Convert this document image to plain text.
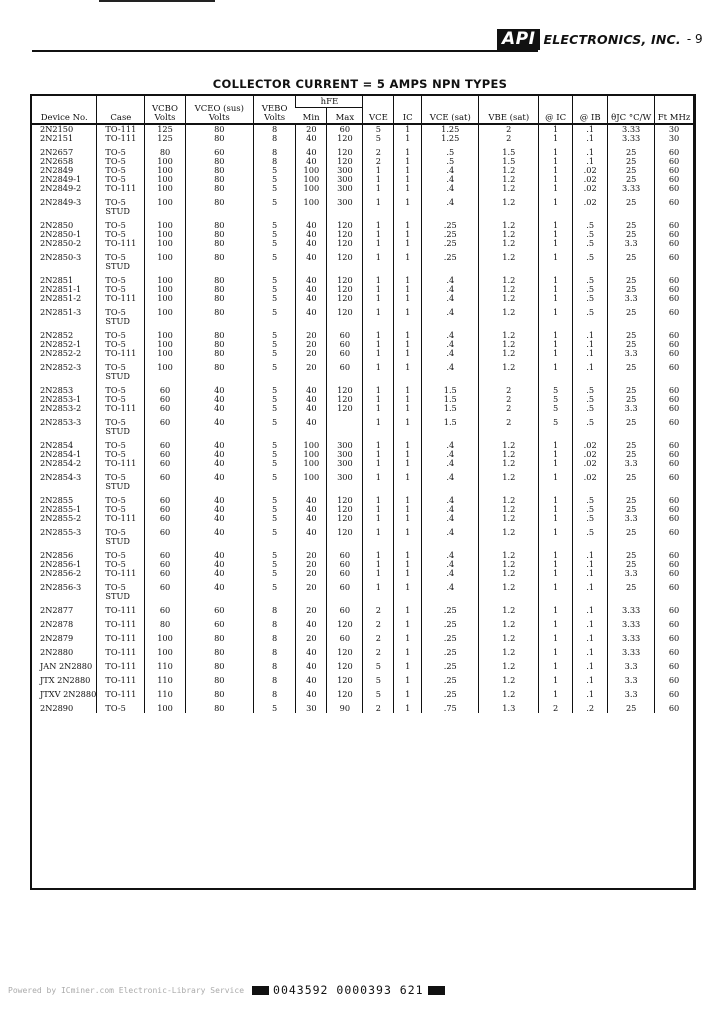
API ELECTRONICS, INC. - 9
COLLECTOR CURRENT = 5 AMPS NPN TYPES
Device No.	Case	VCBO Volts	VCEO (sus) Volts	VEBO Volts	hFE		VCE	IC	VCE (sat)	VBE (sat)	@ IC	@ IB	θJC °C/W	Ft MHz
					Min	Max								
2N2150	TO-111	125	80	8	20	60	5	1	1.25	2	1	.1	3.33	30
2N2151	TO-111	125	80	8	40	120	5	1	1.25	2	1	.1	3.33	30

2N2657	TO-5	80	60	8	40	120	2	1	.5	1.5	1	.1	25	60
2N2658	TO-5	100	80	8	40	120	2	1	.5	1.5	1	.1	25	60
2N2849	TO-5	100	80	5	100	300	1	1	.4	1.2	1	.02	25	60
2N2849-1	TO-5	100	80	5	100	300	1	1	.4	1.2	1	.02	25	60
2N2849-2	TO-111	100	80	5	100	300	1	1	.4	1.2	1	.02	3.33	60

2N2849-3	TO-5 STUD	100	80	5	100	300	1	1	.4	1.2	1	.02	25	60

2N2850	TO-5	100	80	5	40	120	1	1	.25	1.2	1	.5	25	60
2N2850-1	TO-5	100	80	5	40	120	1	1	.25	1.2	1	.5	25	60
2N2850-2	TO-111	100	80	5	40	120	1	1	.25	1.2	1	.5	3.3	60

2N2850-3	TO-5 STUD	100	80	5	40	120	1	1	.25	1.2	1	.5	25	60

2N2851	TO-5	100	80	5	40	120	1	1	.4	1.2	1	.5	25	60
2N2851-1	TO-5	100	80	5	40	120	1	1	.4	1.2	1	.5	25	60
2N2851-2	TO-111	100	80	5	40	120	1	1	.4	1.2	1	.5	3.3	60

2N2851-3	TO-5 STUD	100	80	5	40	120	1	1	.4	1.2	1	.5	25	60

2N2852	TO-5	100	80	5	20	60	1	1	.4	1.2	1	.1	25	60
2N2852-1	TO-5	100	80	5	20	60	1	1	.4	1.2	1	.1	25	60
2N2852-2	TO-111	100	80	5	20	60	1	1	.4	1.2	1	.1	3.3	60

2N2852-3	TO-5 STUD	100	80	5	20	60	1	1	.4	1.2	1	.1	25	60

2N2853	TO-5	60	40	5	40	120	1	1	1.5	2	5	.5	25	60
2N2853-1	TO-5	60	40	5	40	120	1	1	1.5	2	5	.5	25	60
2N2853-2	TO-111	60	40	5	40	120	1	1	1.5	2	5	.5	3.3	60

2N2853-3	TO-5 STUD	60	40	5	40		1	1	1.5	2	5	.5	25	60

2N2854	TO-5	60	40	5	100	300	1	1	.4	1.2	1	.02	25	60
2N2854-1	TO-5	60	40	5	100	300	1	1	.4	1.2	1	.02	25	60
2N2854-2	TO-111	60	40	5	100	300	1	1	.4	1.2	1	.02	3.3	60

2N2854-3	TO-5 STUD	60	40	5	100	300	1	1	.4	1.2	1	.02	25	60

2N2855	TO-5	60	40	5	40	120	1	1	.4	1.2	1	.5	25	60
2N2855-1	TO-5	60	40	5	40	120	1	1	.4	1.2	1	.5	25	60
2N2855-2	TO-111	60	40	5	40	120	1	1	.4	1.2	1	.5	3.3	60

2N2855-3	TO-5 STUD	60	40	5	40	120	1	1	.4	1.2	1	.5	25	60

2N2856	TO-5	60	40	5	20	60	1	1	.4	1.2	1	.1	25	60
2N2856-1	TO-5	60	40	5	20	60	1	1	.4	1.2	1	.1	25	60
2N2856-2	TO-111	60	40	5	20	60	1	1	.4	1.2	1	.1	3.3	60

2N2856-3	TO-5 STUD	60	40	5	20	60	1	1	.4	1.2	1	.1	25	60

2N2877	TO-111	60	60	8	20	60	2	1	.25	1.2	1	.1	3.33	60

2N2878	TO-111	80	60	8	40	120	2	1	.25	1.2	1	.1	3.33	60

2N2879	TO-111	100	80	8	20	60	2	1	.25	1.2	1	.1	3.33	60

2N2880	TO-111	100	80	8	40	120	2	1	.25	1.2	1	.1	3.33	60

JAN 2N2880	TO-111	110	80	8	40	120	5	1	.25	1.2	1	.1	3.3	60

JTX 2N2880	TO-111	110	80	8	40	120	5	1	.25	1.2	1	.1	3.3	60

JTXV 2N2880	TO-111	110	80	8	40	120	5	1	.25	1.2	1	.1	3.3	60

2N2890	TO-5	100	80	5	30	90	2	1	.75	1.3	2	.2	25	60
Powered by ICminer.com Electronic-Library Service	0043592 0000393 621
